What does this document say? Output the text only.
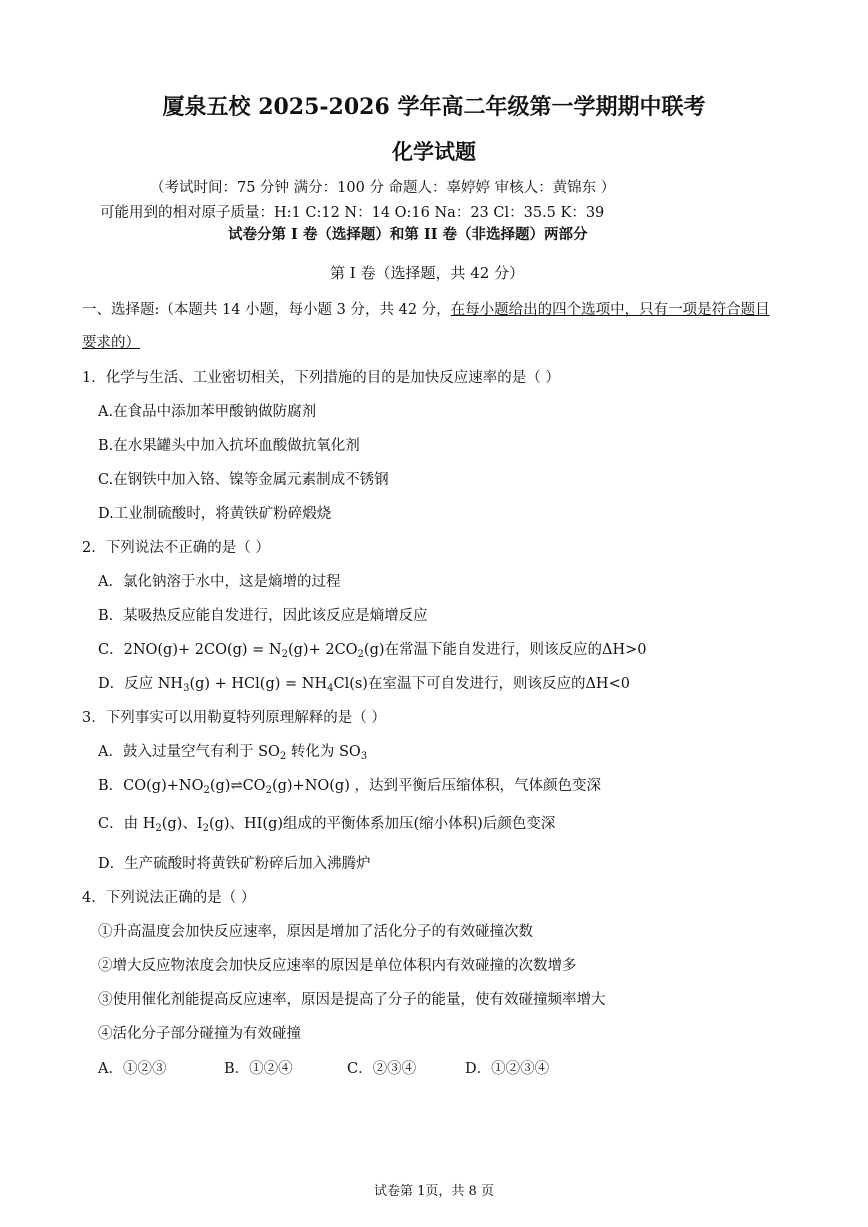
厦泉五校 2025-2026 学年高二年级第一学期期中联考
化学试题
（考试时间：75 分钟 满分：100 分 命题人：辜婷婷 审核人：黄锦东 ）
可能用到的相对原子质量：H:1 C:12 N：14 O:16 Na：23 Cl：35.5 K：39
试卷分第 I 卷（选择题）和第 II 卷（非选择题）两部分
第 I 卷（选择题，共 42 分）
一、选择题:（本题共 14 小题，每小题 3 分，共 42 分，在每小题给出的四个选项中，只有一项是符合题目
要求的）
1．化学与生活、工业密切相关，下列措施的目的是加快反应速率的是（ ）
A.在食品中添加苯甲酸钠做防腐剂
B.在水果罐头中加入抗坏血酸做抗氧化剂
C.在钢铁中加入铬、镍等金属元素制成不锈钢
D.工业制硫酸时，将黄铁矿粉碎煅烧
2．下列说法不正确的是（ ）
A．氯化钠溶于水中，这是熵增的过程
B．某吸热反应能自发进行，因此该反应是熵增反应
C．$2NO(g)+ 2CO(g) = N_2(g)+ 2CO_2(g)$在常温下能自发进行，则该反应的ΔH>0
D．反应 $NH_3(g) + HCl(g) = NH_4Cl(s)$在室温下可自发进行，则该反应的ΔH<0
3．下列事实可以用勒夏特列原理解释的是（ ）
A．鼓入过量空气有利于 $SO_2$ 转化为 $SO_3$
B．$CO(g)+NO_2(g)\rightleftharpoons CO_2(g)+NO(g)$ ，达到平衡后压缩体积，气体颜色变深
C．由 $H_2(g)$、$I_2(g)$、HI(g)组成的平衡体系加压(缩小体积)后颜色变深
D．生产硫酸时将黄铁矿粉碎后加入沸腾炉
4．下列说法正确的是（ ）
①升高温度会加快反应速率，原因是增加了活化分子的有效碰撞次数
②增大反应物浓度会加快反应速率的原因是单位体积内有效碰撞的次数增多
③使用催化剂能提高反应速率，原因是提高了分子的能量，使有效碰撞频率增大
④活化分子部分碰撞为有效碰撞
A．①②③	B．①②④	C．②③④	D．①②③④
试卷第 1页，共 8 页
